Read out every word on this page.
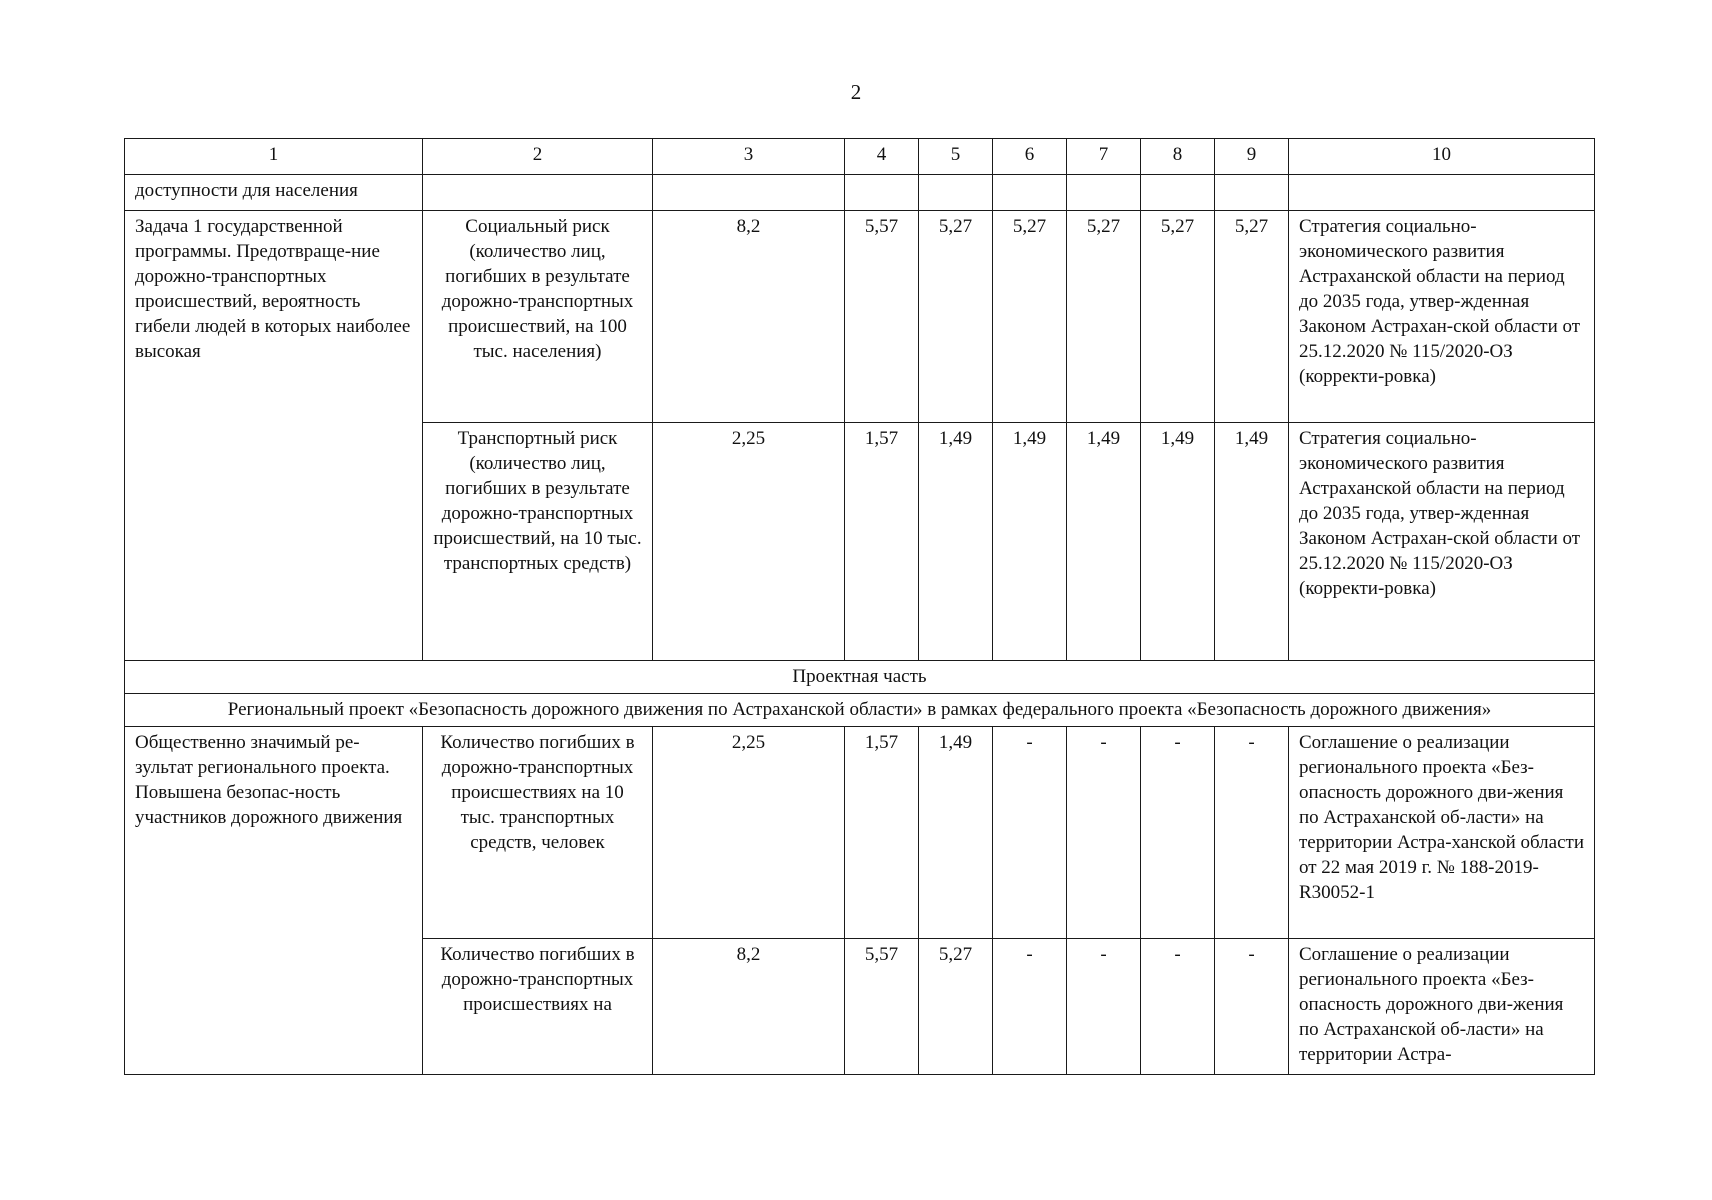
2
1	2	3	4	5	6	7	8	9	10
доступности для населения									
Задача 1 государственной программы. Предотвраще-ние дорожно-транспортных происшествий, вероятность гибели людей в которых наиболее высокая	Социальный риск (количество лиц, погибших в результате дорожно-транспортных происшествий, на 100 тыс. населения)	8,2	5,57	5,27	5,27	5,27	5,27	5,27	Стратегия социально-экономического развития Астраханской области на период до 2035 года, утвер-жденная Законом Астрахан-ской области от 25.12.2020 № 115/2020-ОЗ (корректи-ровка)
	Транспортный риск (количество лиц, погибших в результате дорожно-транспортных происшествий, на 10 тыс. транспортных средств)	2,25	1,57	1,49	1,49	1,49	1,49	1,49	Стратегия социально-экономического развития Астраханской области на период до 2035 года, утвер-жденная Законом Астрахан-ской области от 25.12.2020 № 115/2020-ОЗ (корректи-ровка)
Проектная часть									
Региональный проект «Безопасность дорожного движения по Астраханской области» в рамках федерального проекта «Безопасность дорожного движения»									
Общественно значимый ре-зультат регионального проекта. Повышена безопас-ность участников дорожного движения	Количество погибших в дорожно-транспортных происшествиях на 10 тыс. транспортных средств, человек	2,25	1,57	1,49	-	-	-	-	Соглашение о реализации регионального проекта «Без-опасность дорожного дви-жения по Астраханской об-ласти» на территории Астра-ханской области от 22 мая 2019 г. № 188-2019-R30052-1
	Количество погибших в дорожно-транспортных происшествиях на	8,2	5,57	5,27	-	-	-	-	Соглашение о реализации регионального проекта «Без-опасность дорожного дви-жения по Астраханской об-ласти» на территории Астра-
